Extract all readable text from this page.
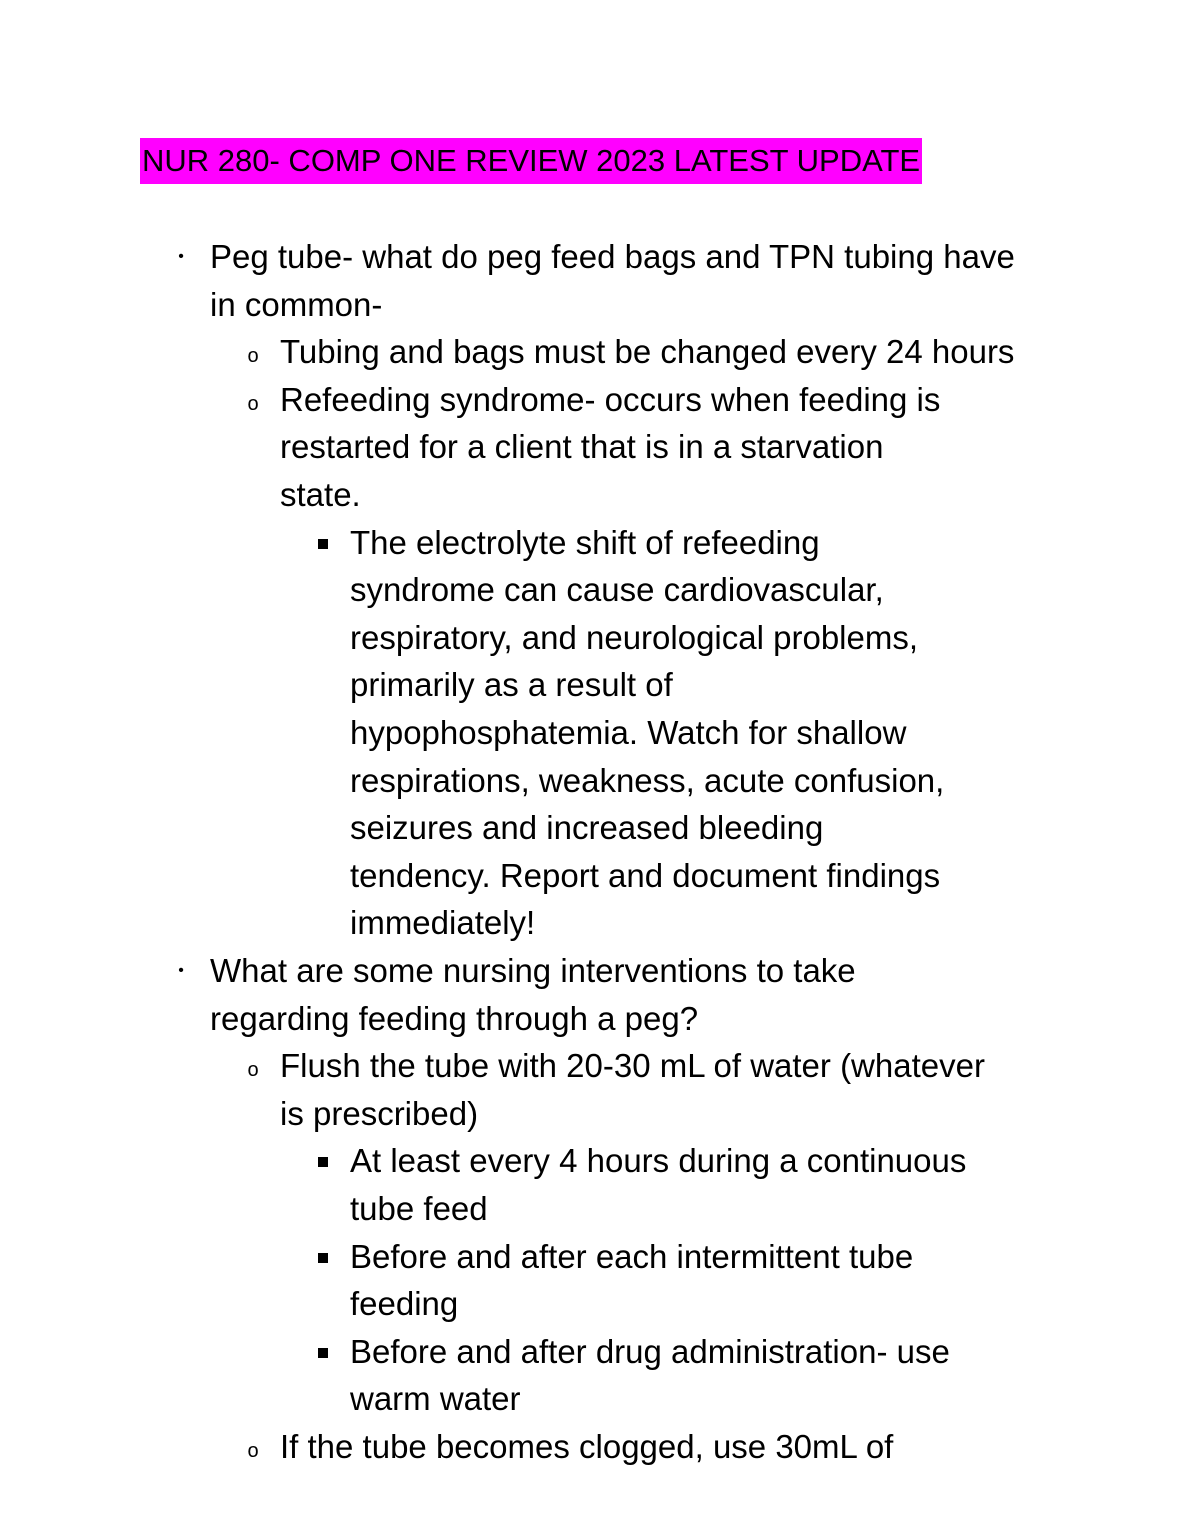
NUR 280- COMP ONE REVIEW 2023 LATEST UPDATE
• Peg tube- what do peg feed bags and TPN tubing have
in common-
o Tubing and bags must be changed every 24 hours
o Refeeding syndrome- occurs when feeding is
restarted for a client that is in a starvation
state.
The electrolyte shift of refeeding
syndrome can cause cardiovascular,
respiratory, and neurological problems,
primarily as a result of
hypophosphatemia. Watch for shallow
respirations, weakness, acute confusion,
seizures and increased bleeding
tendency. Report and document findings
immediately!
• What are some nursing interventions to take
regarding feeding through a peg?
o Flush the tube with 20-30 mL of water (whatever
is prescribed)
At least every 4 hours during a continuous
tube feed
Before and after each intermittent tube
feeding
Before and after drug administration- use
warm water
o If the tube becomes clogged, use 30mL of
